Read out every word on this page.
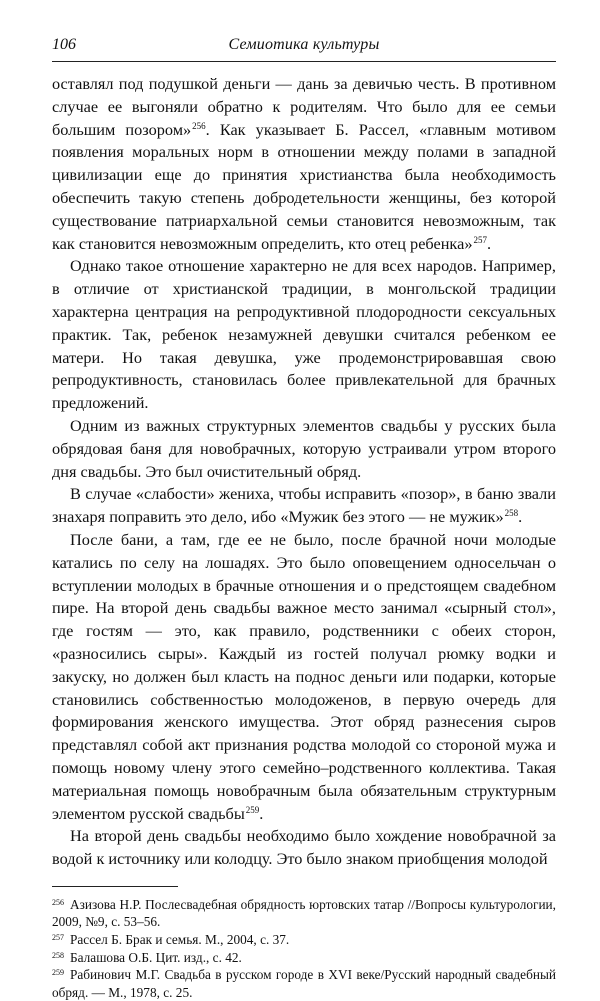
106	Семиотика культуры

оставлял под подушкой деньги — дань за девичью честь. В противном случае ее выгоняли обратно к родителям. Что было для ее семьи большим позором»$^{256}$. Как указывает Б. Рассел, «главным мотивом появления моральных норм в отношении между полами в западной цивилизации еще до принятия христианства была необходимость обеспечить такую степень добродетельности женщины, без которой существование патриархальной семьи становится невозможным, так как становится невозможным определить, кто отец ребенка»$^{257}$.

Однако такое отношение характерно не для всех народов. Например, в отличие от христианской традиции, в монгольской традиции характерна центрация на репродуктивной плодородности сексуальных практик. Так, ребенок незамужней девушки считался ребенком ее матери. Но такая девушка, уже продемонстрировавшая свою репродуктивность, становилась более привлекательной для брачных предложений.

Одним из важных структурных элементов свадьбы у русских была обрядовая баня для новобрачных, которую устраивали утром второго дня свадьбы. Это был очистительный обряд.

В случае «слабости» жениха, чтобы исправить «позор», в баню звали знахаря поправить это дело, ибо «Мужик без этого — не мужик»$^{258}$.

После бани, а там, где ее не было, после брачной ночи молодые катались по селу на лошадях. Это было оповещением односельчан о вступлении молодых в брачные отношения и о предстоящем свадебном пире. На второй день свадьбы важное место занимал «сырный стол», где гостям — это, как правило, родственники с обеих сторон, «разносились сыры». Каждый из гостей получал рюмку водки и закуску, но должен был класть на поднос деньги или подарки, которые становились собственностью молодоженов, в первую очередь для формирования женского имущества. Этот обряд разнесения сыров представлял собой акт признания родства молодой со стороной мужа и помощь новому члену этого семейно–родственного коллектива. Такая материальная помощь новобрачным была обязательным структурным элементом русской свадьбы$^{259}$.

На второй день свадьбы необходимо было хождение новобрачной за водой к источнику или колодцу. Это было знаком приобщения молодой

$^{256}$ Азизова Н.Р. Послесвадебная обрядность юртовских татар //Вопросы культурологии, 2009, №9, с. 53–56.
$^{257}$ Рассел Б. Брак и семья. М., 2004, с. 37.
$^{258}$ Балашова О.Б. Цит. изд., с. 42.
$^{259}$ Рабинович М.Г. Свадьба в русском городе в XVI веке/Русский народный свадебный обряд. — М., 1978, с. 25.
